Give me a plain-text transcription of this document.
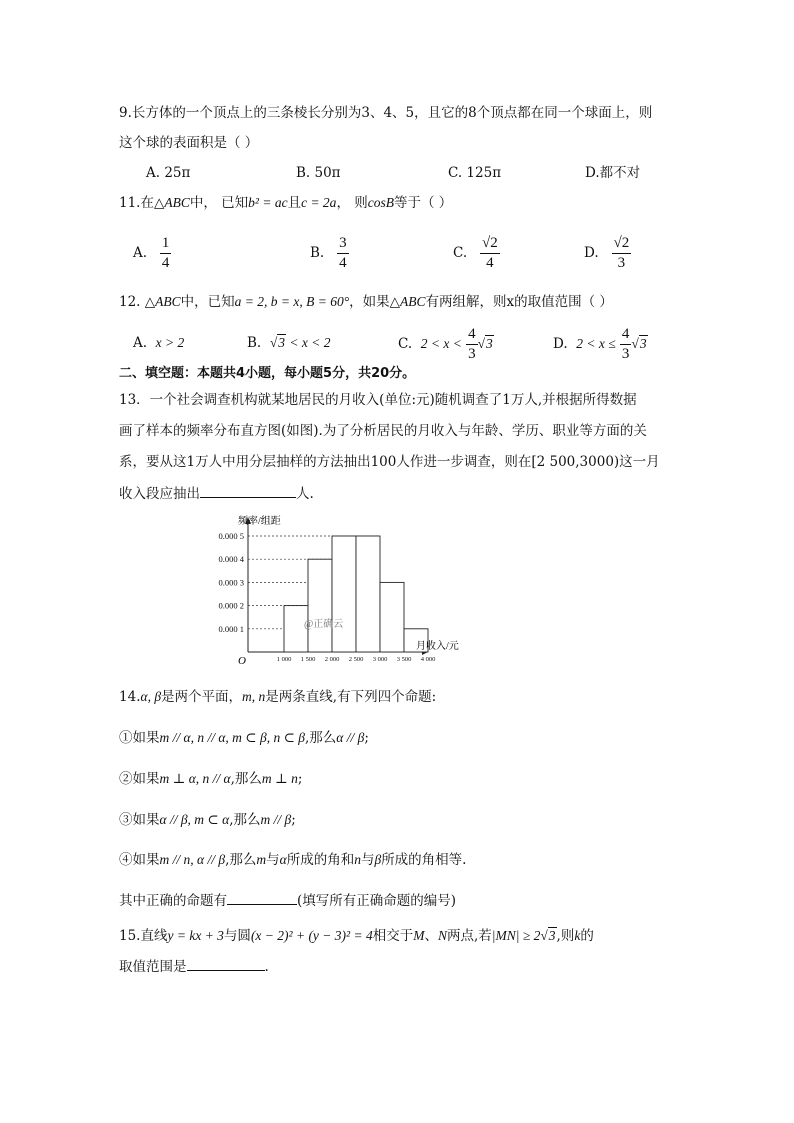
9.长方体的一个顶点上的三条棱长分别为3、4、5，且它的8个顶点都在同一个球面上，则
这个球的表面积是（ ）
A. 25π	B. 50π	C. 125π	D.都不对
11.在△ABC中， 已知b² = ac且c = 2a， 则cosB等于（ ）
A. $\frac{1}{4}$	B. $\frac{3}{4}$	C. $\frac{√2}{4}$	D. $\frac{√2}{3}$
12. △ABC中，已知a = 2, b = x, B = 60°，如果△ABC有两组解，则x的取值范围（ ）
A. x > 2	B. √3 < x < 2	C. $2 < x < \frac{4}{3} √3$	D. $2 < x \le \frac{4}{3} √3$
二、填空题：本题共4小题，每小题5分，共20分。
13．一个社会调查机构就某地居民的月收入(单位:元)随机调查了1万人,并根据所得数据
画了样本的频率分布直方图(如图).为了分析居民的月收入与年龄、学历、职业等方面的关
系，要从这1万人中用分层抽样的方法抽出100人作进一步调查，则在[2 500,3000)这一月
收入段应抽出	人.
0.000 1
0.000 2
0.000 3
0.000 4
0.000 5
1 000 1 500 2 000 2 500 3 000 3 500 4 000
频率/组距
月收入/元
O
@正确云
14.α, β是两个平面，m, n是两条直线,有下列四个命题:
①如果m // α, n // α, m ⊂ β, n ⊂ β,那么α // β;
②如果m ⊥ α, n // α,那么m ⊥ n;
③如果α // β, m ⊂ α,那么m // β;
④如果m // n, α // β,那么m与α所成的角和n与β所成的角相等.
其中正确的命题有	(填写所有正确命题的编号)
15.直线y = kx + 3与圆(x − 2)² + (y − 3)² = 4相交于M、N两点,若|MN| ≥ 2√3,则k的
取值范围是	.
